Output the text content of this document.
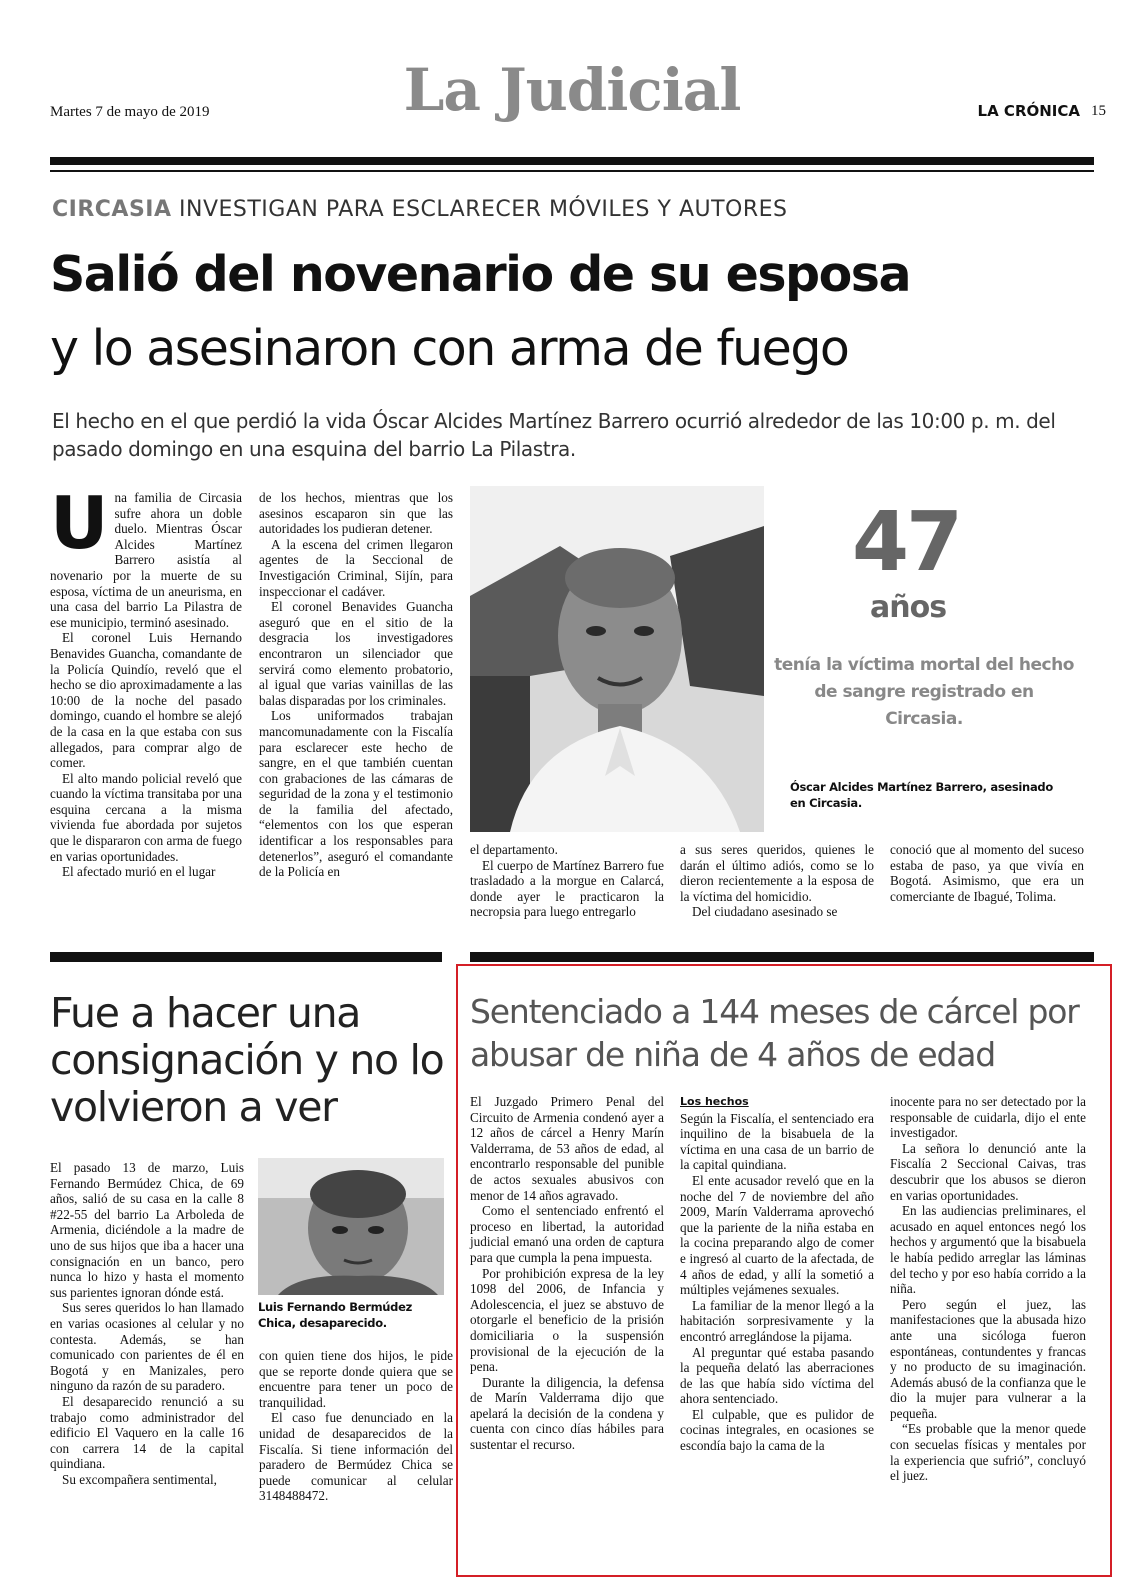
Martes 7 de mayo de 2019	La Judicial	LA CRÓNICA 15
CIRCASIA INVESTIGAN PARA ESCLARECER MÓVILES Y AUTORES
Salió del novenario de su esposa
y lo asesinaron con arma de fuego
El hecho en el que perdió la vida Óscar Alcides Martínez Barrero ocurrió alrededor de las 10:00 p. m. del pasado domingo en una esquina del barrio La Pilastra.

Una familia de Circasia sufre ahora un doble duelo. Mientras Óscar Alcides Martínez Barrero asistía al novenario por la muerte de su esposa, víctima de un aneurisma, en una casa del barrio La Pilastra de ese municipio, terminó asesinado.

El coronel Luis Hernando Benavides Guancha, comandante de la Policía Quindío, reveló que el hecho se dio aproximadamente a las 10:00 de la noche del pasado domingo, cuando el hombre se alejó de la casa en la que estaba con sus allegados, para comprar algo de comer.

El alto mando policial reveló que cuando la víctima transitaba por una esquina cercana a la misma vivienda fue abordada por sujetos que le dispararon con arma de fuego en varias oportunidades.

El afectado murió en el lugar

de los hechos, mientras que los asesinos escaparon sin que las autoridades los pudieran detener.

A la escena del crimen llegaron agentes de la Seccional de Investigación Criminal, Sijín, para inspeccionar el cadáver.

El coronel Benavides Guancha aseguró que en el sitio de la desgracia los investigadores encontraron un silenciador que servirá como elemento probatorio, al igual que varias vainillas de las balas disparadas por los criminales.

Los uniformados trabajan mancomunadamente con la Fiscalía para esclarecer este hecho de sangre, en el que también cuentan con grabaciones de las cámaras de seguridad de la zona y el testimonio de la familia del afectado, “elementos con los que esperan identificar a los responsables para detenerlos”, aseguró el comandante de la Policía en

47
años
tenía la víctima mortal del hecho de sangre registrado en Circasia.
Óscar Alcides Martínez Barrero, asesinado en Circasia.

el departamento.

El cuerpo de Martínez Barrero fue trasladado a la morgue en Calarcá, donde ayer le practicaron la necropsia para luego entregarlo

a sus seres queridos, quienes le darán el último adiós, como se lo dieron recientemente a la esposa de la víctima del homicidio.

Del ciudadano asesinado se

conoció que al momento del suceso estaba de paso, ya que vivía en Bogotá. Asimismo, que era un comerciante de Ibagué, Tolima.

Fue a hacer una consignación y no lo volvieron a ver

El pasado 13 de marzo, Luis Fernando Bermúdez Chica, de 69 años, salió de su casa en la calle 8 #22-55 del barrio La Arboleda de Armenia, diciéndole a la madre de uno de sus hijos que iba a hacer una consignación en un banco, pero nunca lo hizo y hasta el momento sus parientes ignoran dónde está.

Sus seres queridos lo han llamado en varias ocasiones al celular y no contesta. Además, se han comunicado con parientes de él en Bogotá y en Manizales, pero ninguno da razón de su paradero.

El desaparecido renunció a su trabajo como administrador del edificio El Vaquero en la calle 16 con carrera 14 de la capital quindiana.

Su excompañera sentimental,

Luis Fernando Bermúdez Chica, desaparecido.

con quien tiene dos hijos, le pide que se reporte donde quiera que se encuentre para tener un poco de tranquilidad.

El caso fue denunciado en la unidad de desaparecidos de la Fiscalía. Si tiene información del paradero de Bermúdez Chica se puede comunicar al celular 3148488472.

Sentenciado a 144 meses de cárcel por abusar de niña de 4 años de edad

El Juzgado Primero Penal del Circuito de Armenia condenó ayer a 12 años de cárcel a Henry Marín Valderrama, de 53 años de edad, al encontrarlo responsable del punible de actos sexuales abusivos con menor de 14 años agravado.

Como el sentenciado enfrentó el proceso en libertad, la autoridad judicial emanó una orden de captura para que cumpla la pena impuesta.

Por prohibición expresa de la ley 1098 del 2006, de Infancia y Adolescencia, el juez se abstuvo de otorgarle el beneficio de la prisión domiciliaria o la suspensión provisional de la ejecución de la pena.

Durante la diligencia, la defensa de Marín Valderrama dijo que apelará la decisión de la condena y cuenta con cinco días hábiles para sustentar el recurso.

Los hechos

Según la Fiscalía, el sentenciado era inquilino de la bisabuela de la víctima en una casa de un barrio de la capital quindiana.

El ente acusador reveló que en la noche del 7 de noviembre del año 2009, Marín Valderrama aprovechó que la pariente de la niña estaba en la cocina preparando algo de comer e ingresó al cuarto de la afectada, de 4 años de edad, y allí la sometió a múltiples vejámenes sexuales.

La familiar de la menor llegó a la habitación sorpresivamente y la encontró arreglándose la pijama.

Al preguntar qué estaba pasando la pequeña delató las aberraciones de las que había sido víctima del ahora sentenciado.

El culpable, que es pulidor de cocinas integrales, en ocasiones se escondía bajo la cama de la

inocente para no ser detectado por la responsable de cuidarla, dijo el ente investigador.

La señora lo denunció ante la Fiscalía 2 Seccional Caivas, tras descubrir que los abusos se dieron en varias oportunidades.

En las audiencias preliminares, el acusado en aquel entonces negó los hechos y argumentó que la bisabuela le había pedido arreglar las láminas del techo y por eso había corrido a la niña.

Pero según el juez, las manifestaciones que la abusada hizo ante una sicóloga fueron espontáneas, contundentes y francas y no producto de su imaginación. Además abusó de la confianza que le dio la mujer para vulnerar a la pequeña.

“Es probable que la menor quede con secuelas físicas y mentales por la experiencia que sufrió”, concluyó el juez.
